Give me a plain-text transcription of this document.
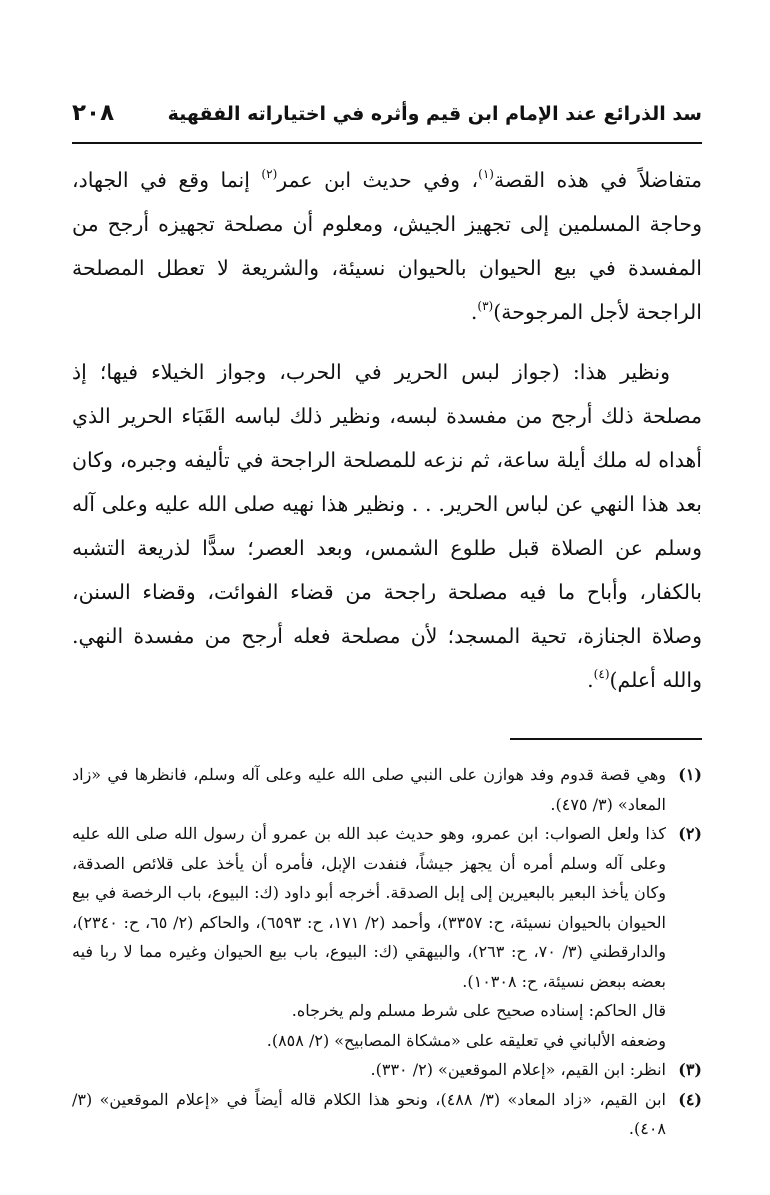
سد الذرائع عند الإمام ابن قيم وأثره في اختياراته الفقهية
٢٠٨

متفاضلاً في هذه القصة$^{(١)}$، وفي حديث ابن عمر$^{(٢)}$ إنما وقع في الجهاد، وحاجة المسلمين إلى تجهيز الجيش، ومعلوم أن مصلحة تجهيزه أرجح من المفسدة في بيع الحيوان بالحيوان نسيئة، والشريعة لا تعطل المصلحة الراجحة لأجل المرجوحة)$^{(٣)}$.

ونظير هذا: (جواز لبس الحرير في الحرب، وجواز الخيلاء فيها؛ إذ مصلحة ذلك أرجح من مفسدة لبسه، ونظير ذلك لباسه القَبَاء الحرير الذي أهداه له ملك أيلة ساعة، ثم نزعه للمصلحة الراجحة في تأليفه وجبره، وكان بعد هذا النهي عن لباس الحرير. . . ونظير هذا نهيه صلى الله عليه وعلى آله وسلم عن الصلاة قبل طلوع الشمس، وبعد العصر؛ سدًّا لذريعة التشبه بالكفار، وأباح ما فيه مصلحة راجحة من قضاء الفوائت، وقضاء السنن، وصلاة الجنازة، تحية المسجد؛ لأن مصلحة فعله أرجح من مفسدة النهي. والله أعلم)$^{(٤)}$.

(١)
وهي قصة قدوم وفد هوازن على النبي صلى الله عليه وعلى آله وسلم، فانظرها في «زاد المعاد» (٣/ ٤٧٥).
(٢)
كذا ولعل الصواب: ابن عمرو، وهو حديث عبد الله بن عمرو أن رسول الله صلى الله عليه وعلى آله وسلم أمره أن يجهز جيشاً، فنفدت الإبل، فأمره أن يأخذ على قلائص الصدقة، وكان يأخذ البعير بالبعيرين إلى إبل الصدقة. أخرجه أبو داود (ك: البيوع، باب الرخصة في بيع الحيوان بالحيوان نسيئة، ح: ٣٣٥٧)، وأحمد (٢/ ١٧١، ح: ٦٥٩٣)، والحاكم (٢/ ٦٥، ح: ٢٣٤٠)، والدارقطني (٣/ ٧٠، ح: ٢٦٣)، والبيهقي (ك: البيوع، باب بيع الحيوان وغيره مما لا ربا فيه بعضه ببعض نسيئة، ح: ١٠٣٠٨).
قال الحاكم: إسناده صحيح على شرط مسلم ولم يخرجاه.
وضعفه الألباني في تعليقه على «مشكاة المصابيح» (٢/ ٨٥٨).
(٣)
انظر: ابن القيم، «إعلام الموقعين» (٢/ ٣٣٠).
(٤)
ابن القيم، «زاد المعاد» (٣/ ٤٨٨)، ونحو هذا الكلام قاله أيضاً في «إعلام الموقعين» (٣/ ٤٠٨).
